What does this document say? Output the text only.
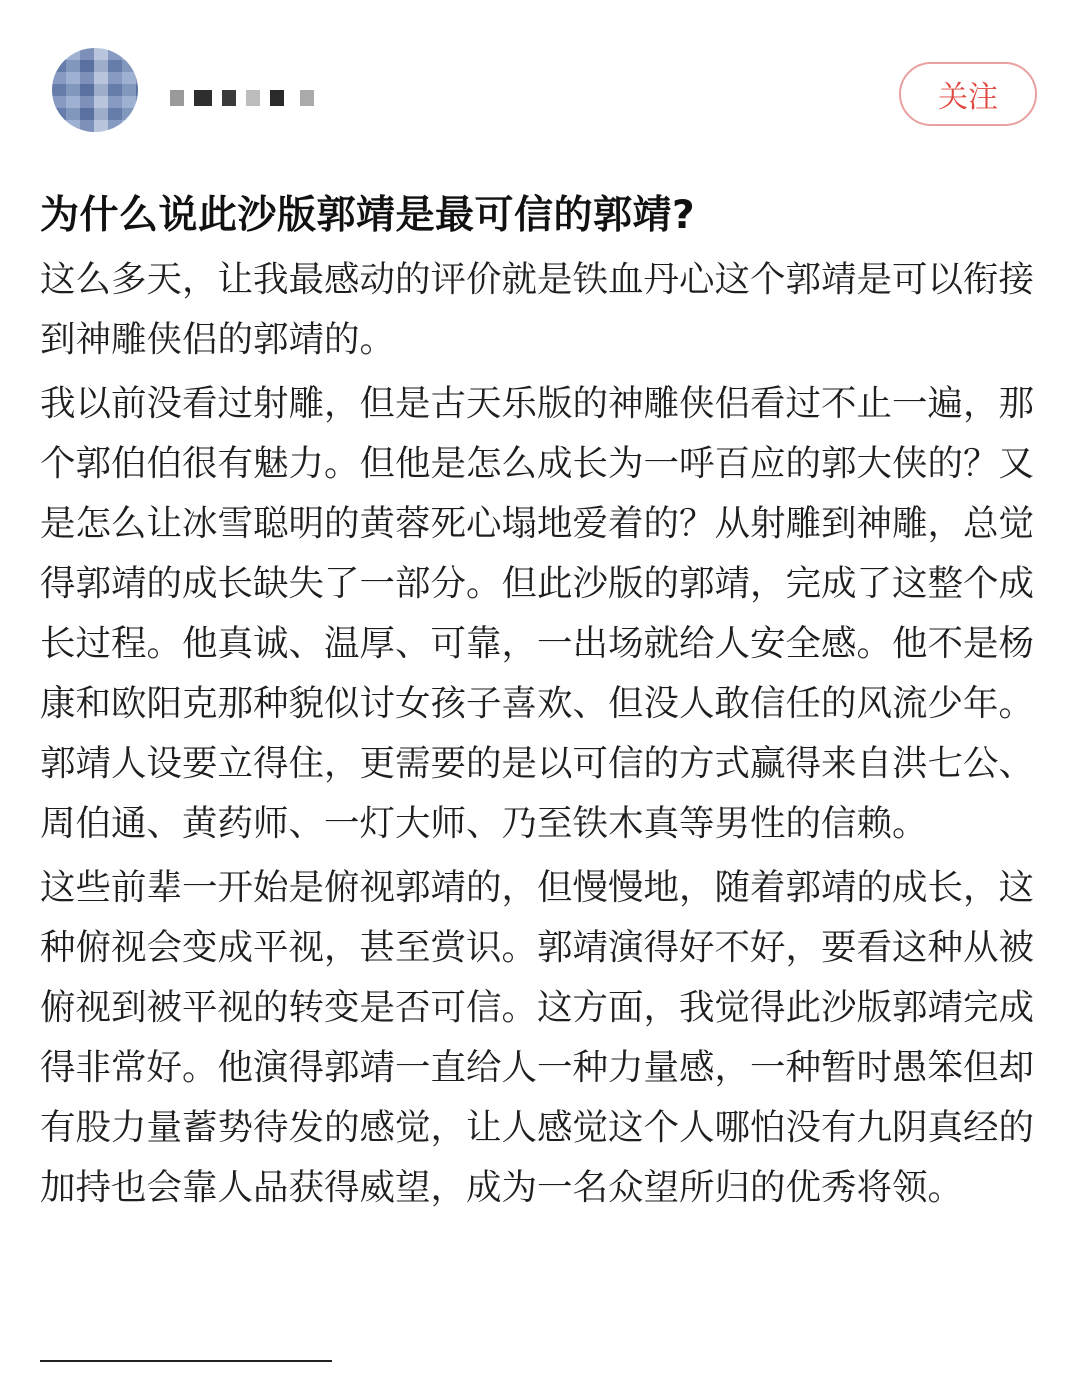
关注
为什么说此沙版郭靖是最可信的郭靖?

这么多天，让我最感动的评价就是铁血丹心这个郭靖是可以衔接到神雕侠侣的郭靖的。

我以前没看过射雕，但是古天乐版的神雕侠侣看过不止一遍，那个郭伯伯很有魅力。但他是怎么成长为一呼百应的郭大侠的？又是怎么让冰雪聪明的黄蓉死心塌地爱着的？从射雕到神雕，总觉得郭靖的成长缺失了一部分。但此沙版的郭靖，完成了这整个成长过程。他真诚、温厚、可靠，一出场就给人安全感。他不是杨康和欧阳克那种貌似讨女孩子喜欢、但没人敢信任的风流少年。郭靖人设要立得住，更需要的是以可信的方式赢得来自洪七公、周伯通、黄药师、一灯大师、乃至铁木真等男性的信赖。

这些前辈一开始是俯视郭靖的，但慢慢地，随着郭靖的成长，这种俯视会变成平视，甚至赏识。郭靖演得好不好，要看这种从被俯视到被平视的转变是否可信。这方面，我觉得此沙版郭靖完成得非常好。他演得郭靖一直给人一种力量感，一种暂时愚笨但却有股力量蓄势待发的感觉，让人感觉这个人哪怕没有九阴真经的加持也会靠人品获得威望，成为一名众望所归的优秀将领。
